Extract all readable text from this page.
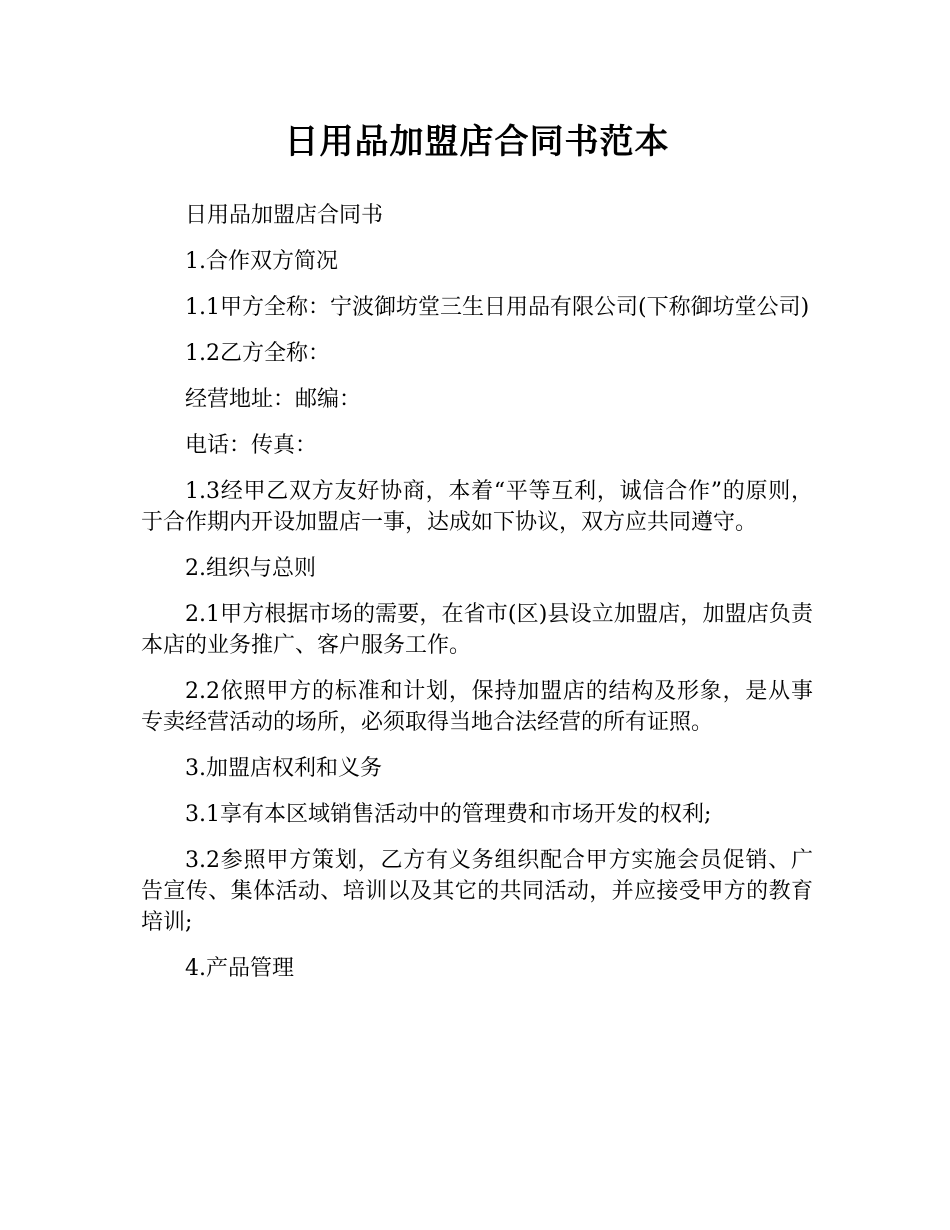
日用品加盟店合同书范本

日用品加盟店合同书

1.合作双方简况

1.1甲方全称：宁波御坊堂三生日用品有限公司(下称御坊堂公司)

1.2乙方全称：

经营地址：邮编：

电话：传真：

1.3经甲乙双方友好协商，本着“平等互利，诚信合作”的原则，于合作期内开设加盟店一事，达成如下协议，双方应共同遵守。

2.组织与总则

2.1甲方根据市场的需要，在省市(区)县设立加盟店，加盟店负责本店的业务推广、客户服务工作。

2.2依照甲方的标准和计划，保持加盟店的结构及形象，是从事专卖经营活动的场所，必须取得当地合法经营的所有证照。

3.加盟店权利和义务

3.1享有本区域销售活动中的管理费和市场开发的权利;

3.2参照甲方策划，乙方有义务组织配合甲方实施会员促销、广告宣传、集体活动、培训以及其它的共同活动，并应接受甲方的教育培训;

4.产品管理
